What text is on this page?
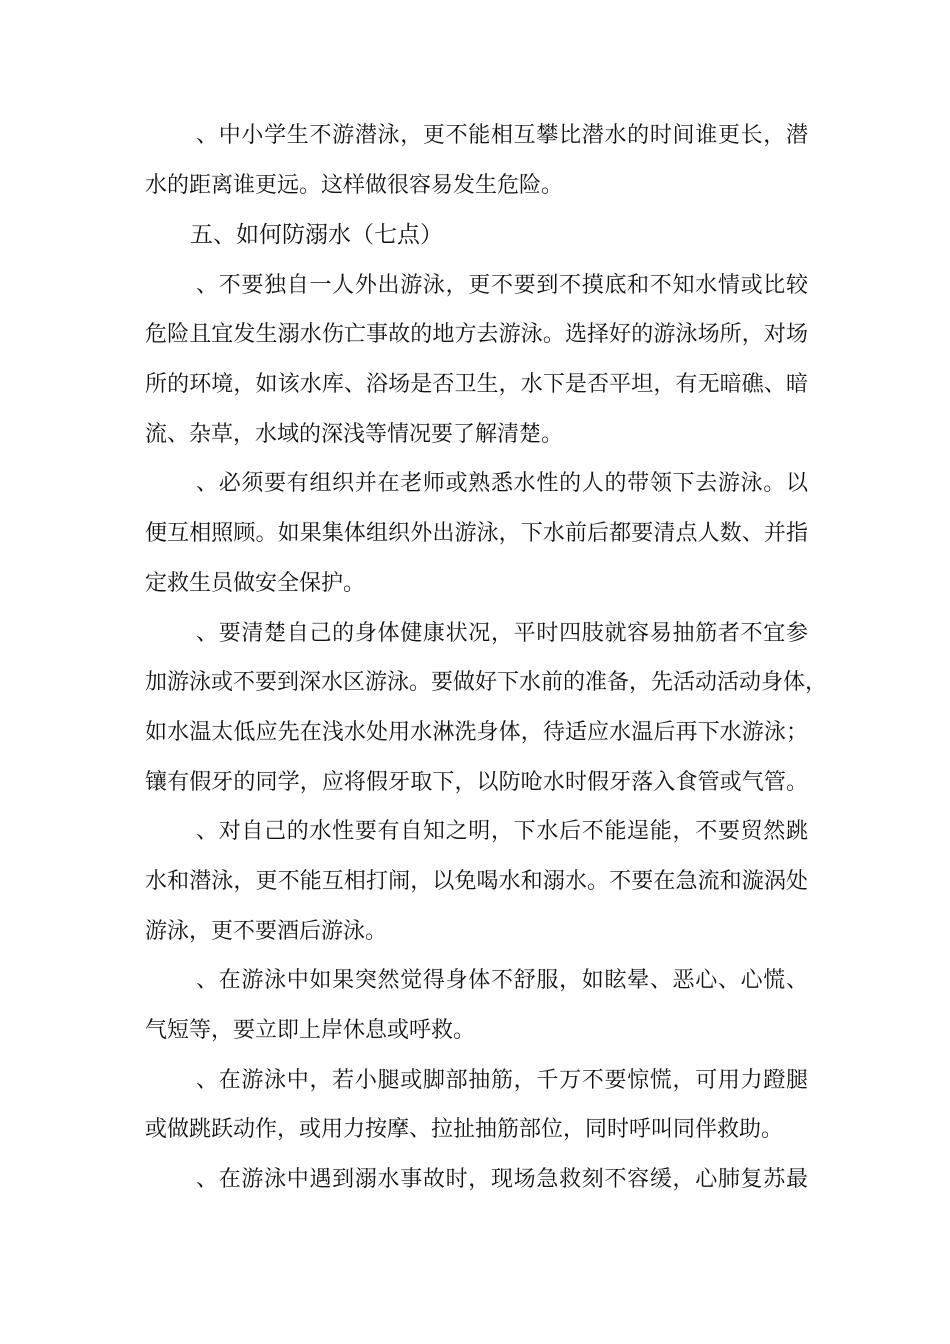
、中小学生不游潜泳，更不能相互攀比潜水的时间谁更长，潜
水的距离谁更远。这样做很容易发生危险。
五、如何防溺水（七点）
、不要独自一人外出游泳，更不要到不摸底和不知水情或比较
危险且宜发生溺水伤亡事故的地方去游泳。选择好的游泳场所，对场
所的环境，如该水库、浴场是否卫生，水下是否平坦，有无暗礁、暗
流、杂草，水域的深浅等情况要了解清楚。
、必须要有组织并在老师或熟悉水性的人的带领下去游泳。以
便互相照顾。如果集体组织外出游泳，下水前后都要清点人数、并指
定救生员做安全保护。
、要清楚自己的身体健康状况，平时四肢就容易抽筋者不宜参
加游泳或不要到深水区游泳。要做好下水前的准备，先活动活动身体，
如水温太低应先在浅水处用水淋洗身体，待适应水温后再下水游泳；
镶有假牙的同学，应将假牙取下，以防呛水时假牙落入食管或气管。
、对自己的水性要有自知之明，下水后不能逞能，不要贸然跳
水和潜泳，更不能互相打闹，以免喝水和溺水。不要在急流和漩涡处
游泳，更不要酒后游泳。
、在游泳中如果突然觉得身体不舒服，如眩晕、恶心、心慌、
气短等，要立即上岸休息或呼救。
、在游泳中，若小腿或脚部抽筋，千万不要惊慌，可用力蹬腿
或做跳跃动作，或用力按摩、拉扯抽筋部位，同时呼叫同伴救助。
、在游泳中遇到溺水事故时，现场急救刻不容缓，心肺复苏最
